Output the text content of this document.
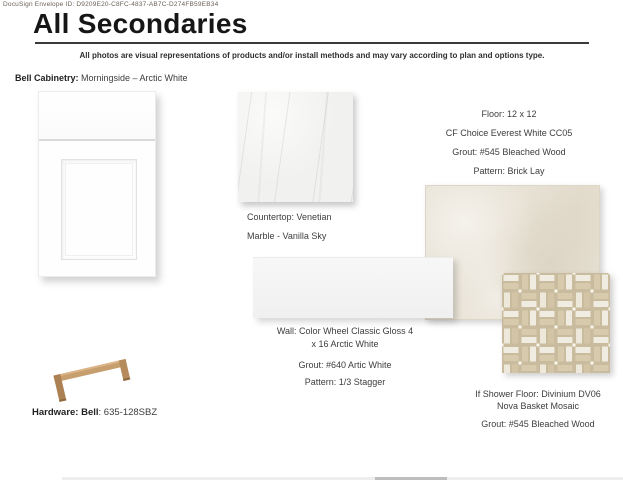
DocuSign Envelope ID: D9209E20-C8FC-4837-AB7C-D274FB59EB34
All Secondaries
All photos are visual representations of products and/or install methods and may vary according to plan and options type.
Bell Cabinetry: Morningside – Arctic White
Countertop: Venetian
Marble - Vanilla Sky
Floor: 12 x 12
CF Choice Everest White CC05
Grout: #545 Bleached Wood
Pattern: Brick Lay
Wall: Color Wheel Classic Gloss 4
x 16 Arctic White
Grout: #640 Artic White
Pattern: 1/3 Stagger
If Shower Floor: Divinium DV06
Nova Basket Mosaic
Grout: #545 Bleached Wood
Hardware: Bell: 635-128SBZ
